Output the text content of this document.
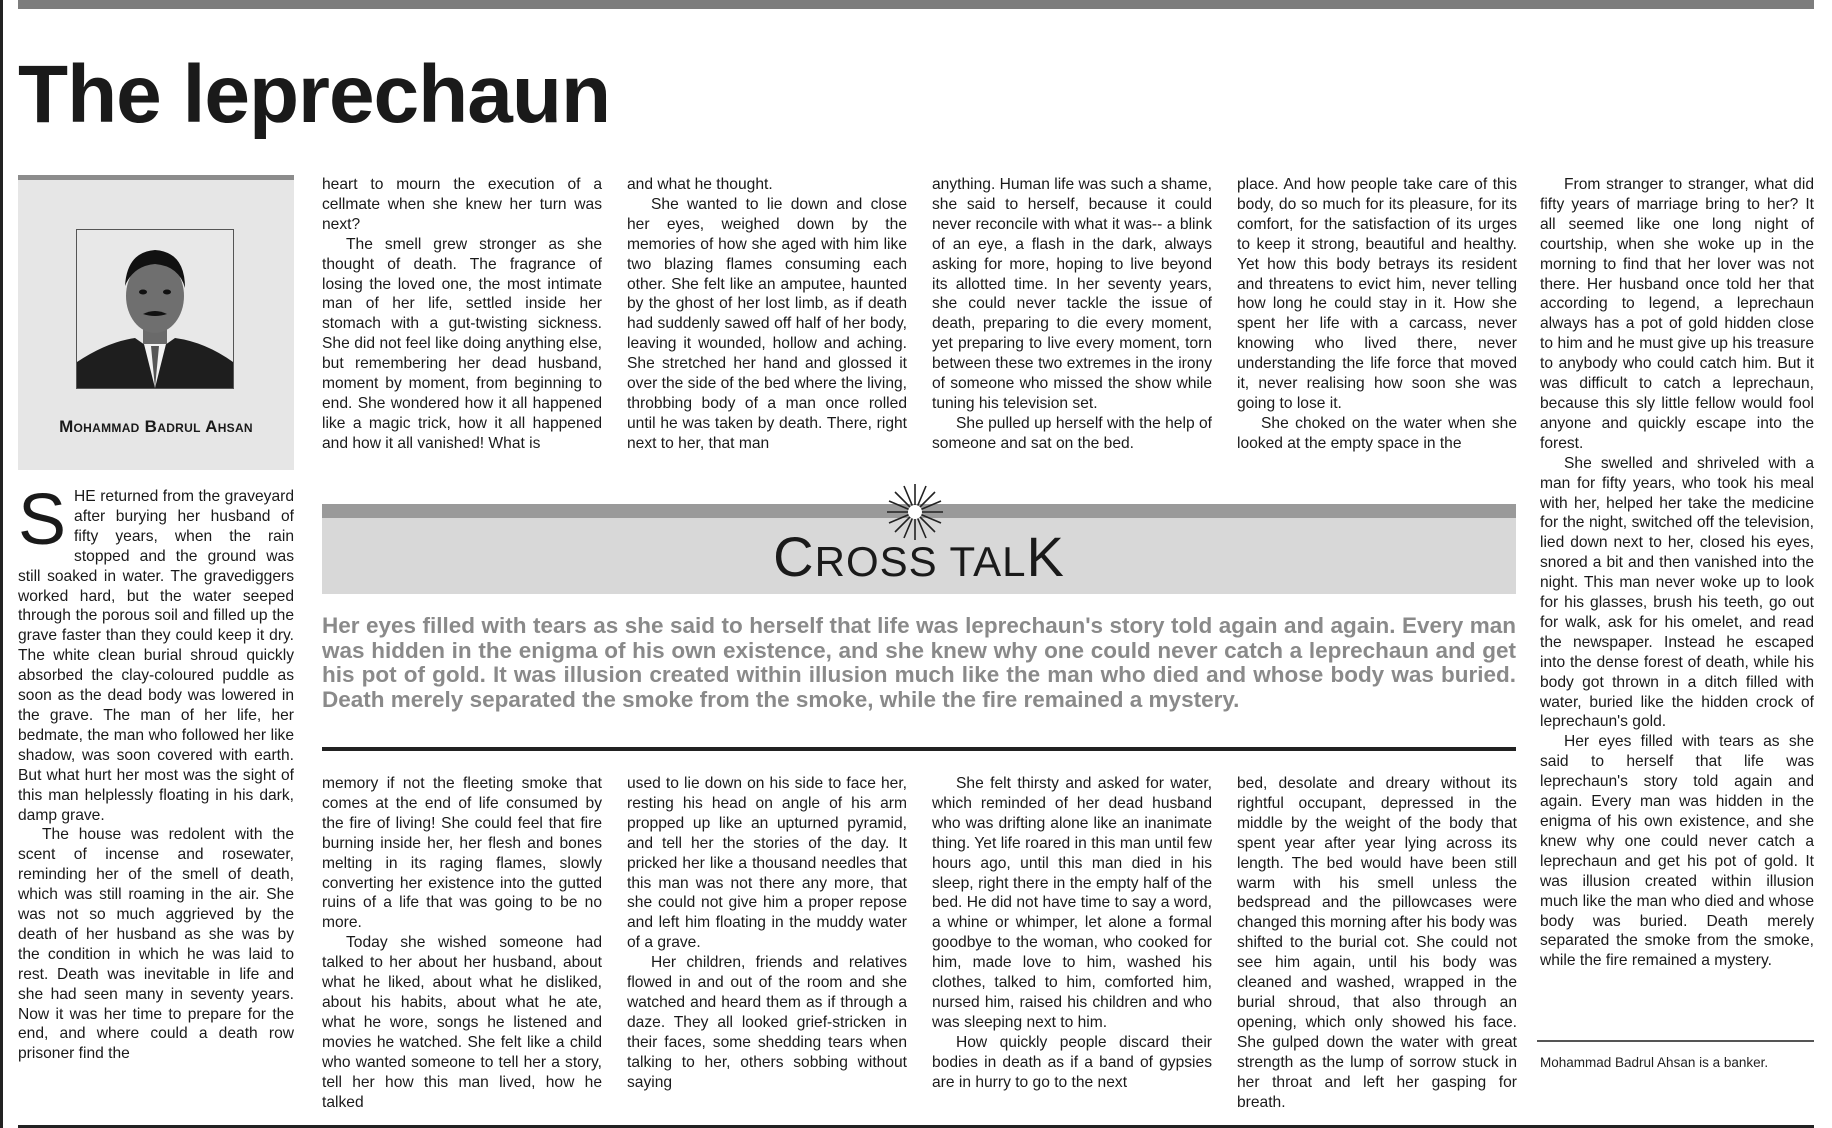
The leprechaun
Mohammad Badrul Ahsan

SHE returned from the graveyard after burying her husband of fifty years, when the rain stopped and the ground was still soaked in water. The gravediggers worked hard, but the water seeped through the porous soil and filled up the grave faster than they could keep it dry. The white clean burial shroud quickly absorbed the clay-coloured puddle as soon as the dead body was lowered in the grave. The man of her life, her bedmate, the man who followed her like shadow, was soon covered with earth. But what hurt her most was the sight of this man helplessly floating in his dark, damp grave.

The house was redolent with the scent of incense and rosewater, reminding her of the smell of death, which was still roaming in the air. She was not so much aggrieved by the death of her husband as she was by the condition in which he was laid to rest. Death was inevitable in life and she had seen many in seventy years. Now it was her time to prepare for the end, and where could a death row prisoner find the

heart to mourn the execution of a cellmate when she knew her turn was next?

The smell grew stronger as she thought of death. The fragrance of losing the loved one, the most intimate man of her life, settled inside her stomach with a gut-twisting sickness. She did not feel like doing anything else, but remembering her dead husband, moment by moment, from beginning to end. She wondered how it all happened like a magic trick, how it all happened and how it all vanished! What is

and what he thought.

She wanted to lie down and close her eyes, weighed down by the memories of how she aged with him like two blazing flames consuming each other. She felt like an amputee, haunted by the ghost of her lost limb, as if death had suddenly sawed off half of her body, leaving it wounded, hollow and aching. She stretched her hand and glossed it over the side of the bed where the living, throbbing body of a man once rolled until he was taken by death. There, right next to her, that man

anything. Human life was such a shame, she said to herself, because it could never reconcile with what it was-- a blink of an eye, a flash in the dark, always asking for more, hoping to live beyond its allotted time. In her seventy years, she could never tackle the issue of death, preparing to die every moment, yet preparing to live every moment, torn between these two extremes in the irony of someone who missed the show while tuning his television set.

She pulled up herself with the help of someone and sat on the bed.

place. And how people take care of this body, do so much for its pleasure, for its comfort, for the satisfaction of its urges to keep it strong, beautiful and healthy. Yet how this body betrays its resident and threatens to evict him, never telling how long he could stay in it. How she spent her life with a carcass, never knowing who lived there, never understanding the life force that moved it, never realising how soon she was going to lose it.

She choked on the water when she looked at the empty space in the

CROSS TALK
Her eyes filled with tears as she said to herself that life was leprechaun's story told again and again. Every man was hidden in the enigma of his own existence, and she knew why one could never catch a leprechaun and get his pot of gold. It was illusion created within illusion much like the man who died and whose body was buried. Death merely separated the smoke from the smoke, while the fire remained a mystery.

memory if not the fleeting smoke that comes at the end of life consumed by the fire of living! She could feel that fire burning inside her, her flesh and bones melting in its raging flames, slowly converting her existence into the gutted ruins of a life that was going to be no more.

Today she wished someone had talked to her about her husband, about what he liked, about what he disliked, about his habits, about what he ate, what he wore, songs he listened and movies he watched. She felt like a child who wanted someone to tell her a story, tell her how this man lived, how he talked

used to lie down on his side to face her, resting his head on angle of his arm propped up like an upturned pyramid, and tell her the stories of the day. It pricked her like a thousand needles that this man was not there any more, that she could not give him a proper repose and left him floating in the muddy water of a grave.

Her children, friends and relatives flowed in and out of the room and she watched and heard them as if through a daze. They all looked grief-stricken in their faces, some shedding tears when talking to her, others sobbing without saying

She felt thirsty and asked for water, which reminded of her dead husband who was drifting alone like an inanimate thing. Yet life roared in this man until few hours ago, until this man died in his sleep, right there in the empty half of the bed. He did not have time to say a word, a whine or whimper, let alone a formal goodbye to the woman, who cooked for him, made love to him, washed his clothes, talked to him, comforted him, nursed him, raised his children and who was sleeping next to him.

How quickly people discard their bodies in death as if a band of gypsies are in hurry to go to the next

bed, desolate and dreary without its rightful occupant, depressed in the middle by the weight of the body that spent year after year lying across its length. The bed would have been still warm with his smell unless the bedspread and the pillowcases were changed this morning after his body was shifted to the burial cot. She could not see him again, until his body was cleaned and washed, wrapped in the burial shroud, that also through an opening, which only showed his face. She gulped down the water with great strength as the lump of sorrow stuck in her throat and left her gasping for breath.

From stranger to stranger, what did fifty years of marriage bring to her? It all seemed like one long night of courtship, when she woke up in the morning to find that her lover was not there. Her husband once told her that according to legend, a leprechaun always has a pot of gold hidden close to him and he must give up his treasure to anybody who could catch him. But it was difficult to catch a leprechaun, because this sly little fellow would fool anyone and quickly escape into the forest.

She swelled and shriveled with a man for fifty years, who took his meal with her, helped her take the medicine for the night, switched off the television, lied down next to her, closed his eyes, snored a bit and then vanished into the night. This man never woke up to look for his glasses, brush his teeth, go out for walk, ask for his omelet, and read the newspaper. Instead he escaped into the dense forest of death, while his body got thrown in a ditch filled with water, buried like the hidden crock of leprechaun's gold.

Her eyes filled with tears as she said to herself that life was leprechaun's story told again and again. Every man was hidden in the enigma of his own existence, and she knew why one could never catch a leprechaun and get his pot of gold. It was illusion created within illusion much like the man who died and whose body was buried. Death merely separated the smoke from the smoke, while the fire remained a mystery.

Mohammad Badrul Ahsan is a banker.
